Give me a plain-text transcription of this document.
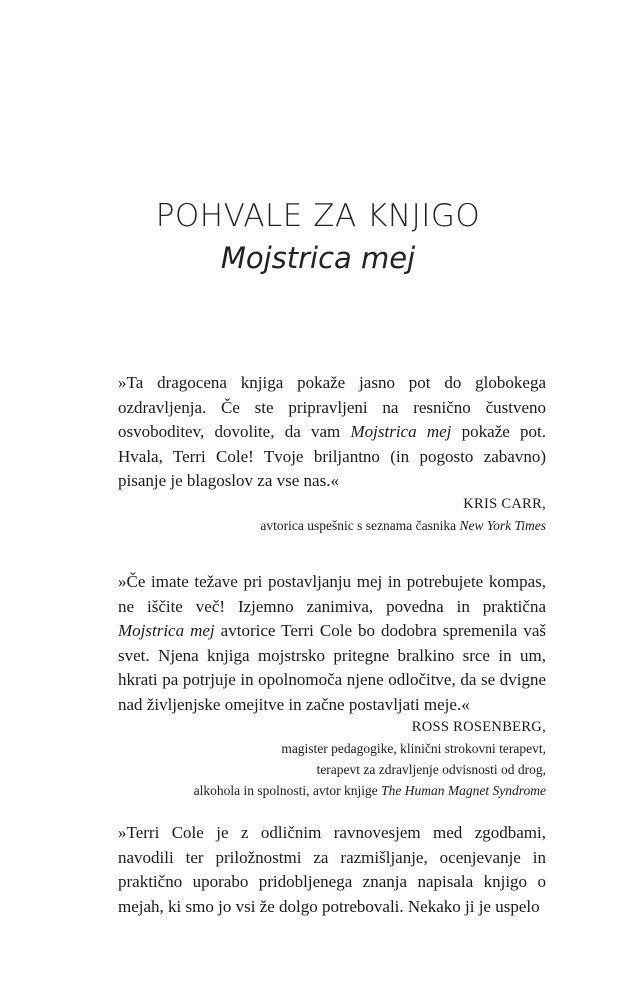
POHVALE ZA KNJIGO
Mojstrica mej

»Ta dragocena knjiga pokaže jasno pot do globokega ozdravljenja. Če ste pripravljeni na resnično čustveno osvoboditev, dovolite, da vam Mojstrica mej pokaže pot. Hvala, Terri Cole! Tvoje briljantno (in pogosto zabavno) pisanje je blagoslov za vse nas.«

KRIS CARR,
avtorica uspešnic s seznama časnika New York Times

»Če imate težave pri postavljanju mej in potrebujete kompas, ne iščite več! Izjemno zanimiva, povedna in praktična Mojstrica mej avtorice Terri Cole bo dodobra spremenila vaš svet. Njena knjiga mojstrsko pritegne bralkino srce in um, hkrati pa potrjuje in opolnomoča njene odločitve, da se dvigne nad življenjske omejitve in začne postavljati meje.«

ROSS ROSENBERG,
magister pedagogike, klinični strokovni terapevt,
terapevt za zdravljenje odvisnosti od drog,
alkohola in spolnosti, avtor knjige The Human Magnet Syndrome

»Terri Cole je z odličnim ravnovesjem med zgodbami, navodili ter priložnostmi za razmišljanje, ocenjevanje in praktično uporabo pridobljenega znanja napisala knjigo o mejah, ki smo jo vsi že dolgo potrebovali. Nekako ji je uspelo
